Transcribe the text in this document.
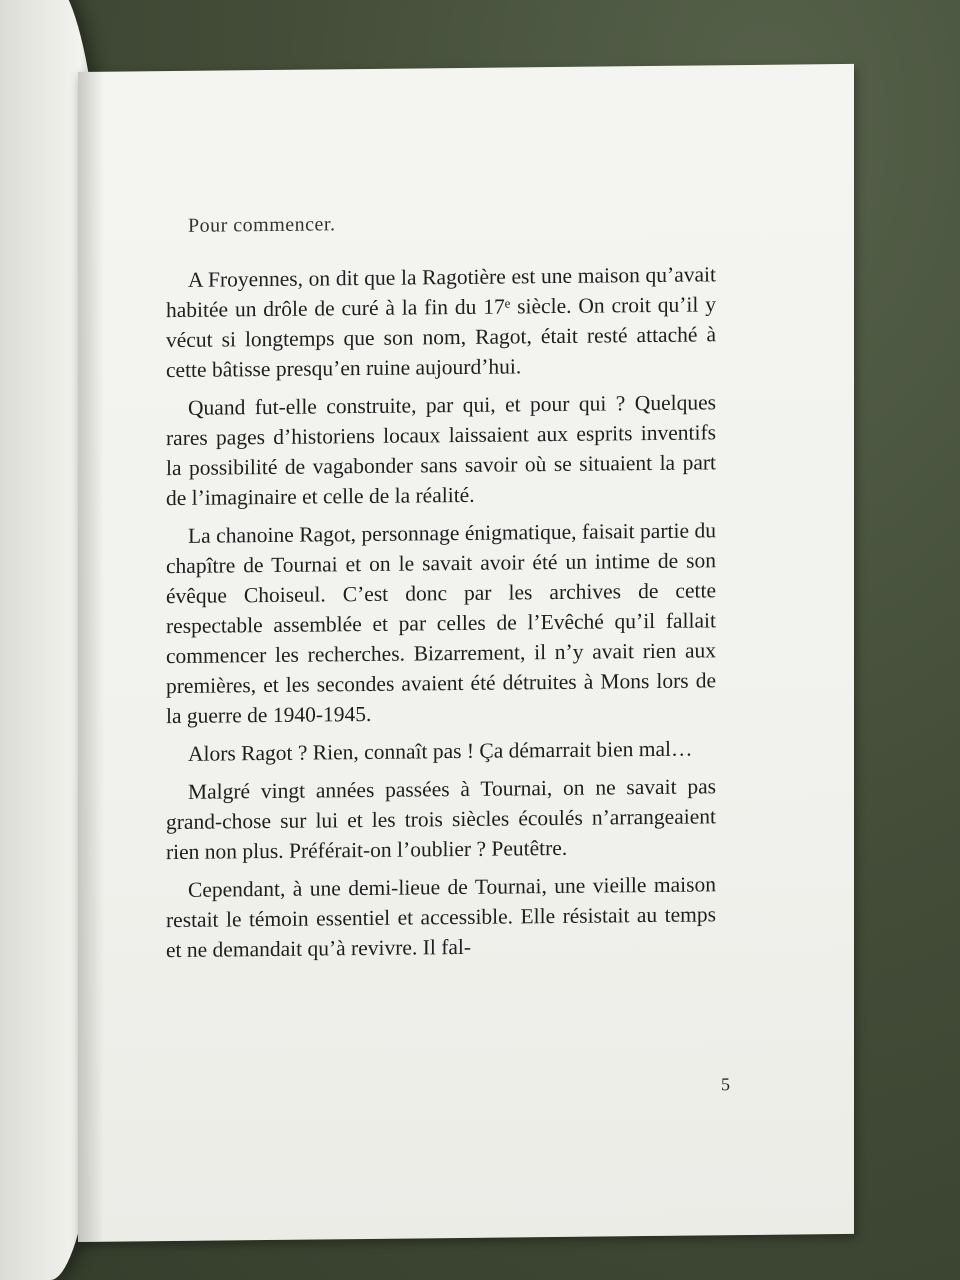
Pour commencer.

A Froyennes, on dit que la Ragotière est une maison qu’avait habitée un drôle de curé à la fin du 17ᵉ siècle. On croit qu’il y vécut si longtemps que son nom, Ragot, était resté attaché à cette bâtisse presqu’en ruine aujourd’hui.

Quand fut-elle construite, par qui, et pour qui ? Quelques rares pages d’historiens locaux laissaient aux esprits inventifs la possibilité de vagabonder sans savoir où se situaient la part de l’imaginaire et celle de la réalité.

La chanoine Ragot, personnage énigmatique, faisait partie du chapître de Tournai et on le savait avoir été un intime de son évêque Choiseul. C’est donc par les archives de cette respectable assemblée et par celles de l’Evêché qu’il fallait commencer les recherches. Bizarrement, il n’y avait rien aux premières, et les secondes avaient été détruites à Mons lors de la guerre de 1940-1945.

Alors Ragot ? Rien, connaît pas ! Ça démarrait bien mal…

Malgré vingt années passées à Tournai, on ne savait pas grand-chose sur lui et les trois siècles écoulés n’arrangeaient rien non plus. Préférait-on l’oublier ? Peutêtre.

Cependant, à une demi-lieue de Tournai, une vieille maison restait le témoin essentiel et accessible. Elle résistait au temps et ne demandait qu’à revivre. Il fal-

5
